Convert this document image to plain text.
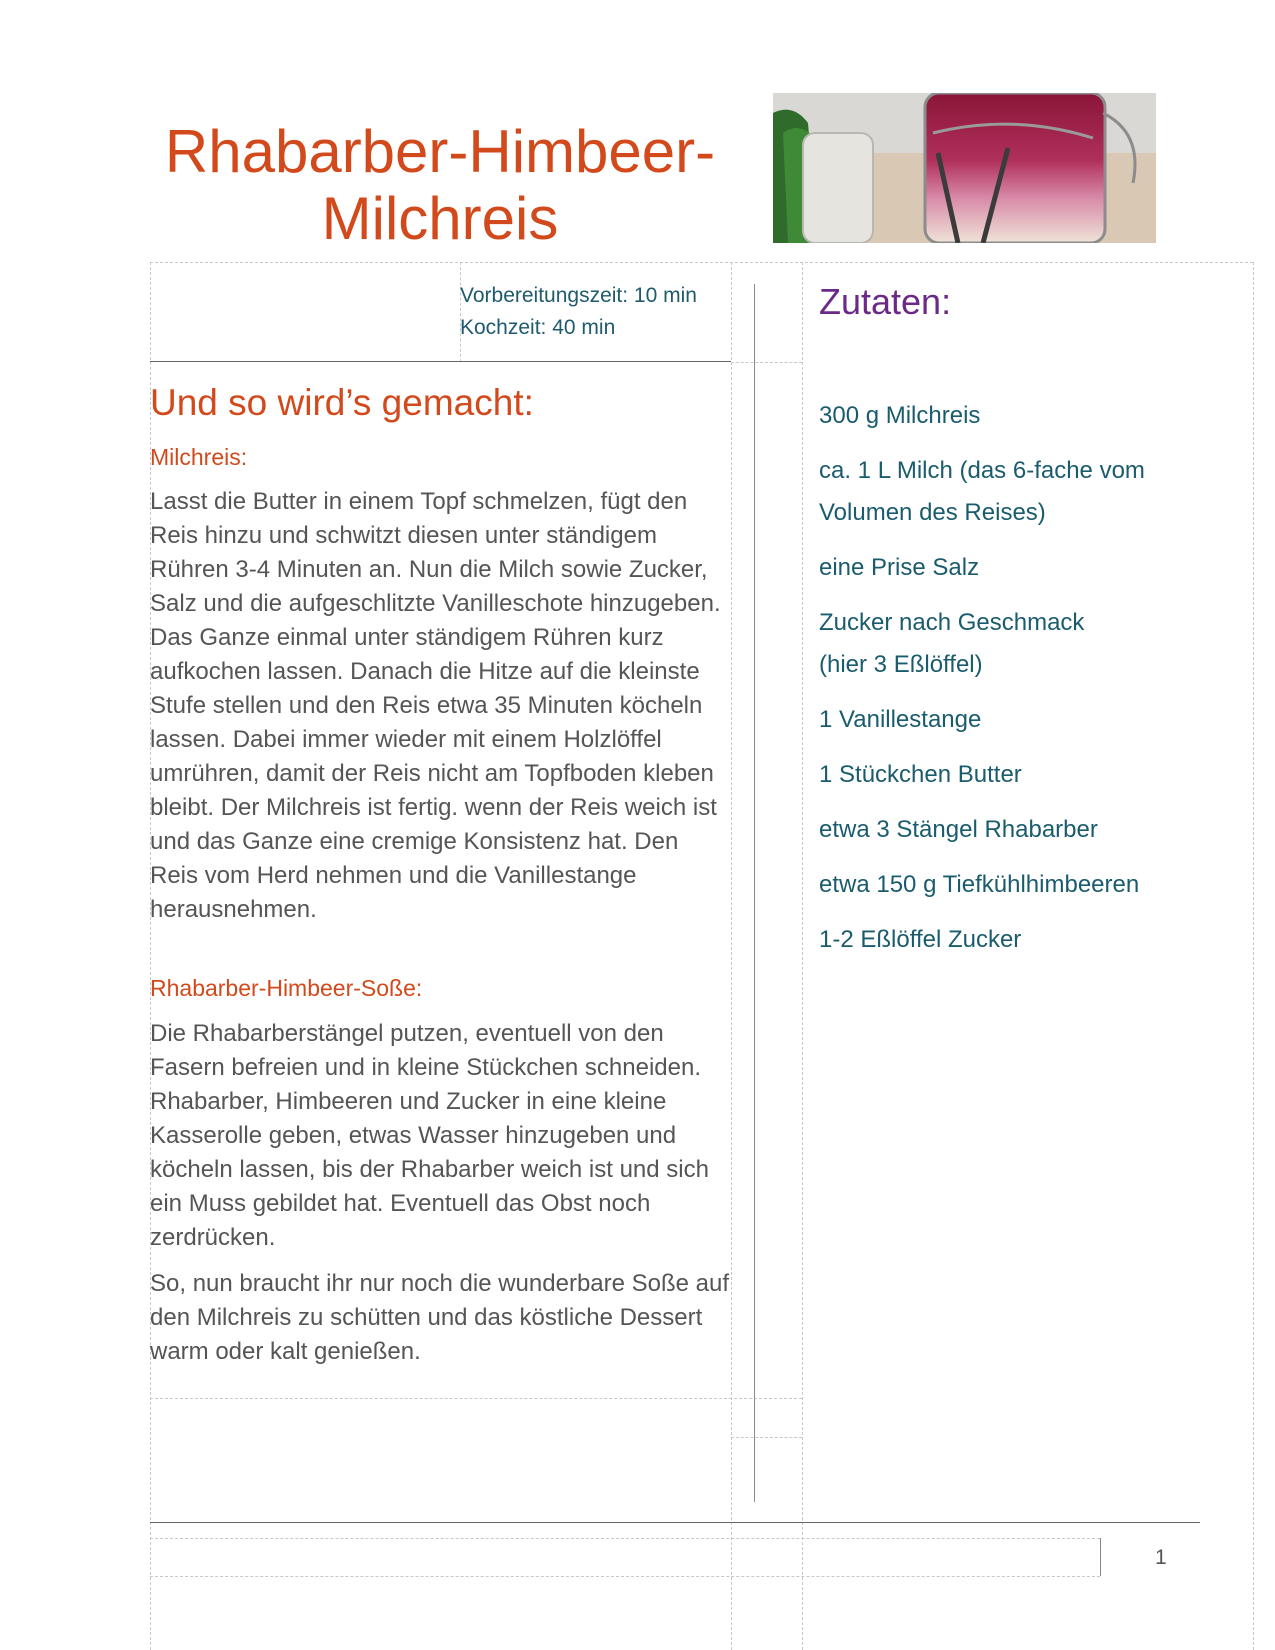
Rhabarber-Himbeer-
Milchreis
Vorbereitungszeit: 10 min
Kochzeit: 40 min
Zutaten:
300 g Milchreis
ca. 1 L Milch (das 6-fache vom Volumen des Reises)
eine Prise Salz
Zucker nach Geschmack (hier 3 Eßlöffel)
1 Vanillestange
1 Stückchen Butter
etwa 3 Stängel Rhabarber
etwa 150 g Tiefkühlhimbeeren
1-2 Eßlöffel Zucker
Und so wird’s gemacht:
Milchreis:
Lasst die Butter in einem Topf schmelzen, fügt den Reis hinzu und schwitzt diesen unter ständigem Rühren 3-4 Minuten an. Nun die Milch sowie Zucker, Salz und die aufgeschlitzte Vanilleschote hinzugeben. Das Ganze einmal unter ständigem Rühren kurz aufkochen lassen. Danach die Hitze auf die kleinste Stufe stellen und den Reis etwa 35 Minuten köcheln lassen. Dabei immer wieder mit einem Holzlöffel umrühren, damit der Reis nicht am Topfboden kleben bleibt. Der Milchreis ist fertig. wenn der Reis weich ist und das Ganze eine cremige Konsistenz hat. Den Reis vom Herd nehmen und die Vanillestange herausnehmen.
Rhabarber-Himbeer-Soße:
Die Rhabarberstängel putzen, eventuell von den Fasern befreien und in kleine Stückchen schneiden. Rhabarber, Himbeeren und Zucker in eine kleine Kasserolle geben, etwas Wasser hinzugeben und köcheln lassen, bis der Rhabarber weich ist und sich ein Muss gebildet hat. Eventuell das Obst noch zerdrücken.
So, nun braucht ihr nur noch die wunderbare Soße auf den Milchreis zu schütten und das köstliche Dessert warm oder kalt genießen.
1
